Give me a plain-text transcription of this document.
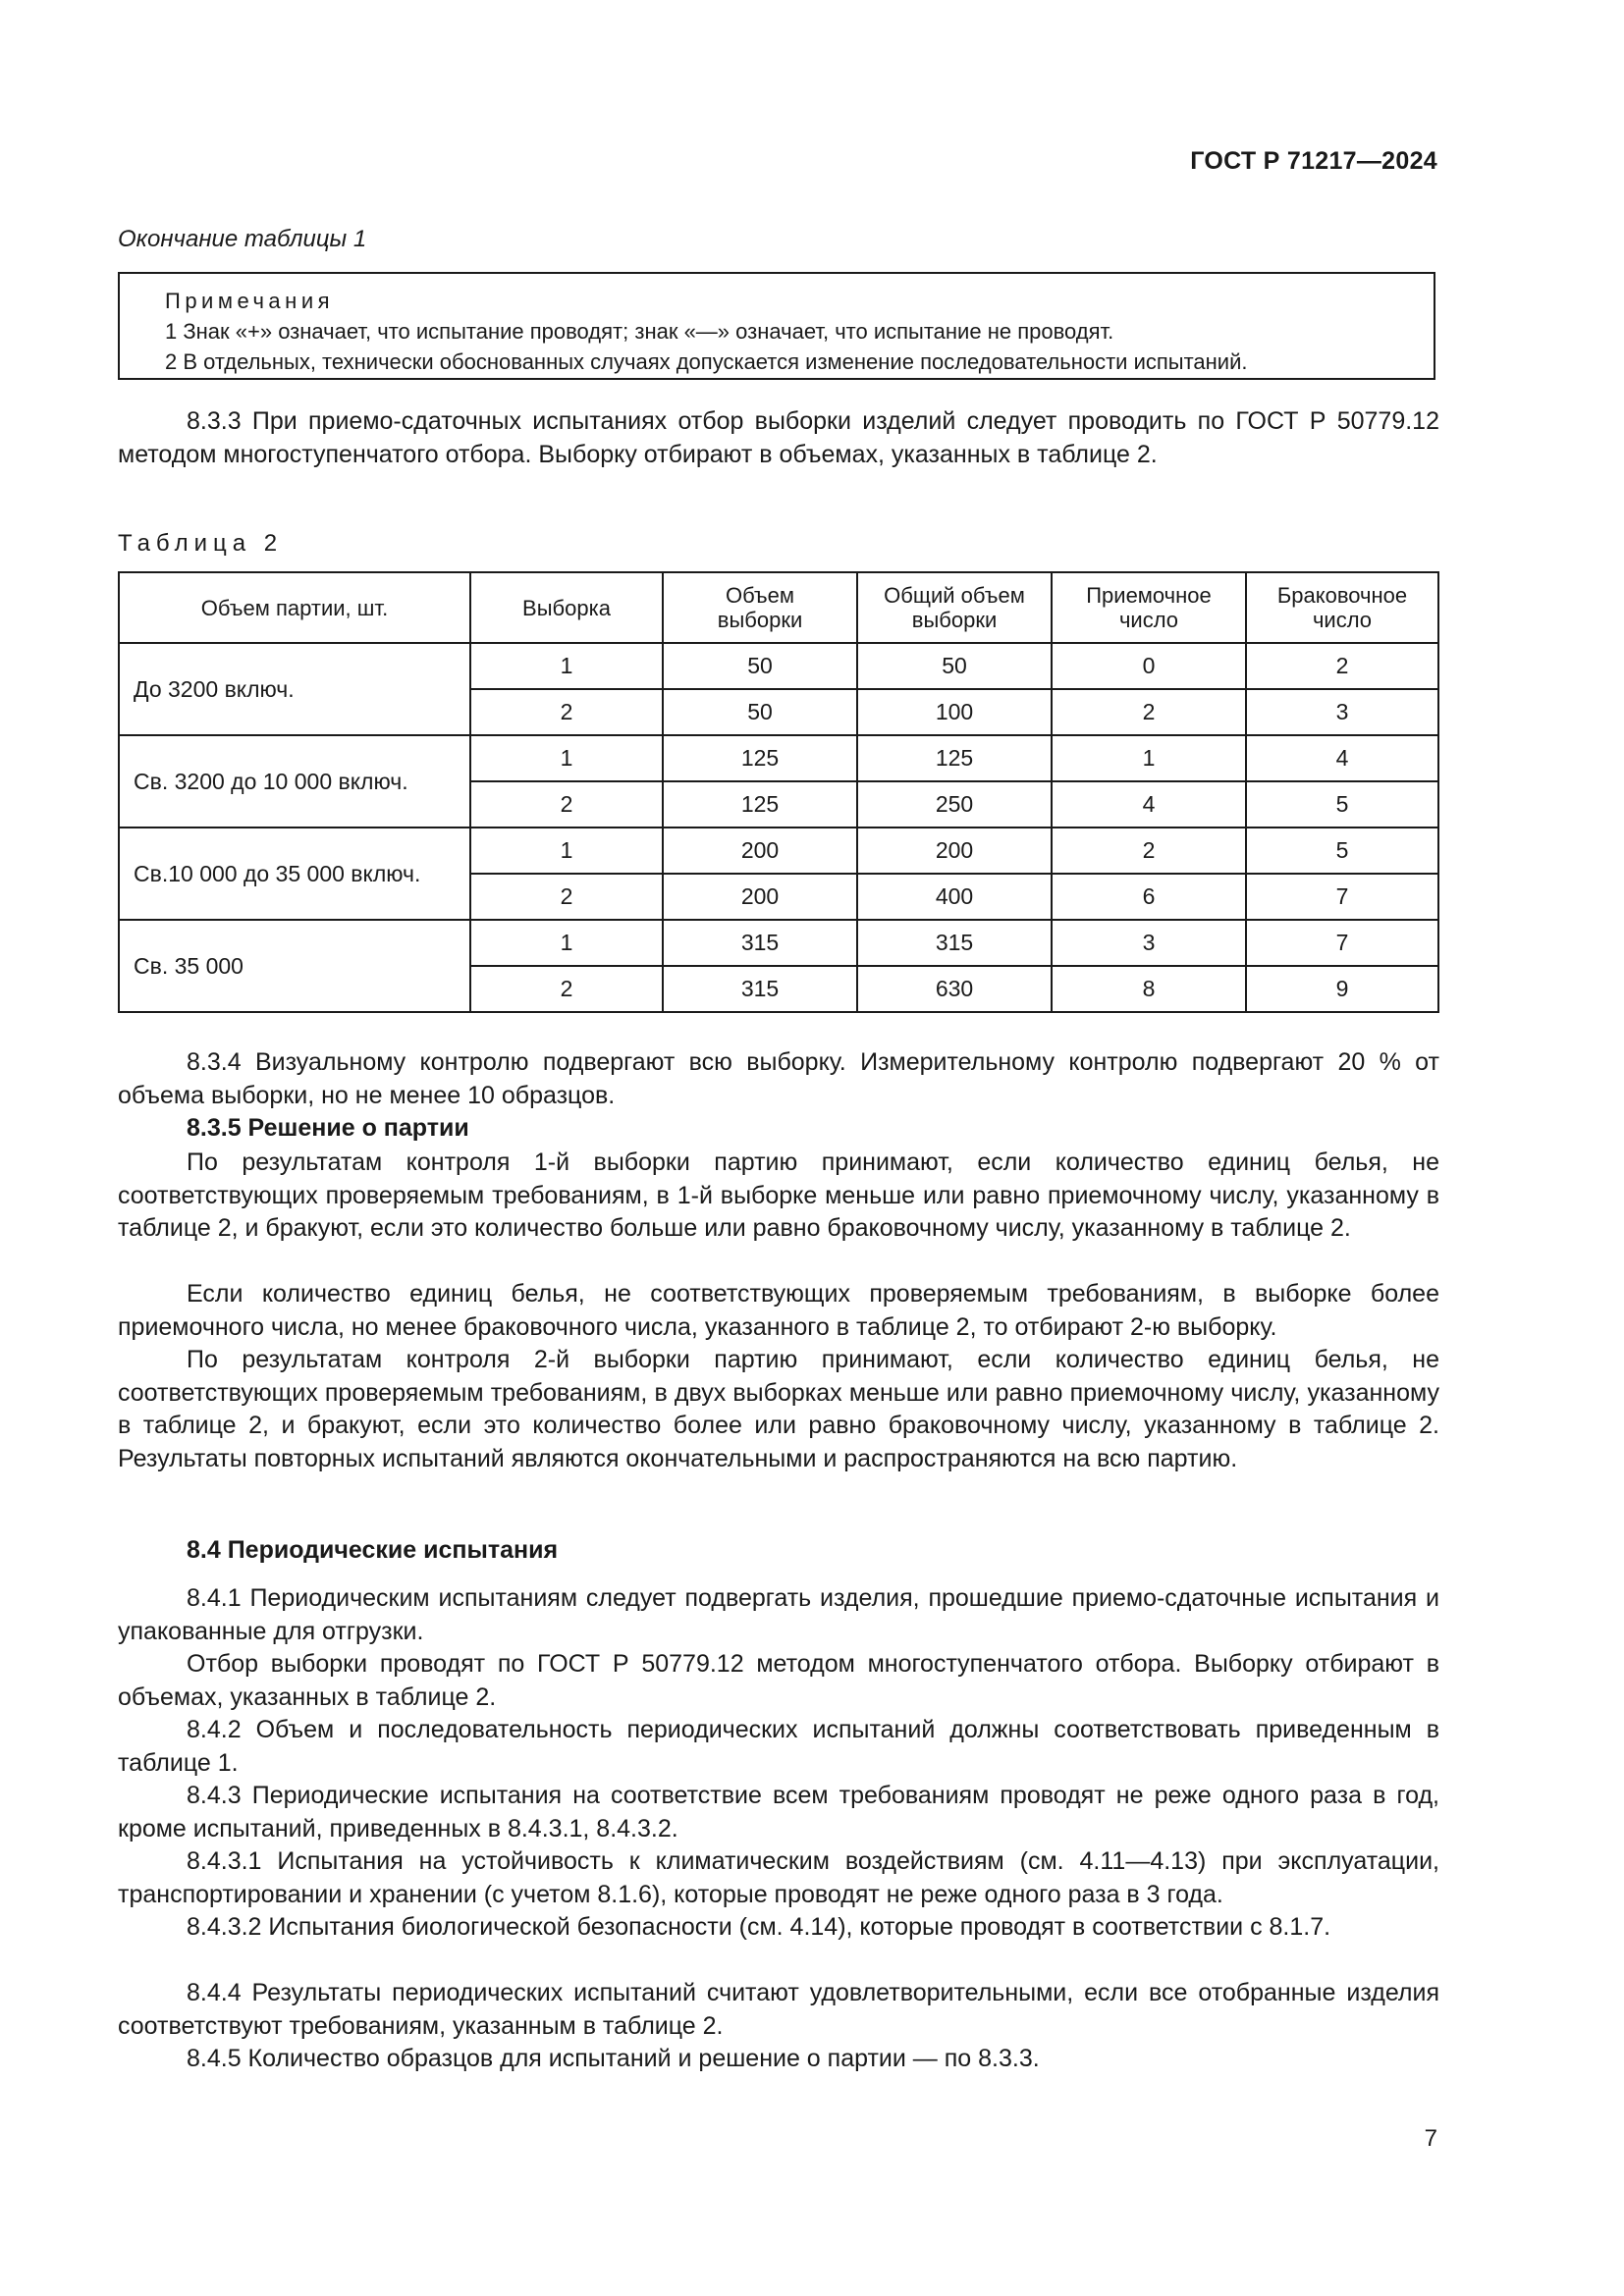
ГОСТ Р 71217—2024
Окончание таблицы 1
Примечания
1 Знак «+» означает, что испытание проводят; знак «—» означает, что испытание не проводят.
2 В отдельных, технически обоснованных случаях допускается изменение последовательности испытаний.
8.3.3 При приемо-сдаточных испытаниях отбор выборки изделий следует проводить по ГОСТ Р 50779.12 методом многоступенчатого отбора. Выборку отбирают в объемах, указанных в таблице 2.
Таблица 2
Объем партии, шт.	Выборка	Объем выборки	Общий объем выборки	Приемочное число	Браковочное число
До 3200 включ.	1	50	50	0	2
	2	50	100	2	3
Св. 3200 до 10 000 включ.	1	125	125	1	4
	2	125	250	4	5
Св.10 000 до 35 000 включ.	1	200	200	2	5
	2	200	400	6	7
Св. 35 000	1	315	315	3	7
	2	315	630	8	9
8.3.4 Визуальному контролю подвергают всю выборку. Измерительному контролю подвергают 20 % от объема выборки, но не менее 10 образцов.
8.3.5 Решение о партии
По результатам контроля 1-й выборки партию принимают, если количество единиц белья, не соответствующих проверяемым требованиям, в 1-й выборке меньше или равно приемочному числу, указанному в таблице 2, и бракуют, если это количество больше или равно браковочному числу, указанному в таблице 2.
Если количество единиц белья, не соответствующих проверяемым требованиям, в выборке более приемочного числа, но менее браковочного числа, указанного в таблице 2, то отбирают 2-ю выборку.
По результатам контроля 2-й выборки партию принимают, если количество единиц белья, не соответствующих проверяемым требованиям, в двух выборках меньше или равно приемочному числу, указанному в таблице 2, и бракуют, если это количество более или равно браковочному числу, указанному в таблице 2. Результаты повторных испытаний являются окончательными и распространяются на всю партию.
8.4 Периодические испытания
8.4.1 Периодическим испытаниям следует подвергать изделия, прошедшие приемо-сдаточные испытания и упакованные для отгрузки.
Отбор выборки проводят по ГОСТ Р 50779.12 методом многоступенчатого отбора. Выборку отбирают в объемах, указанных в таблице 2.
8.4.2 Объем и последовательность периодических испытаний должны соответствовать приведенным в таблице 1.
8.4.3 Периодические испытания на соответствие всем требованиям проводят не реже одного раза в год, кроме испытаний, приведенных в 8.4.3.1, 8.4.3.2.
8.4.3.1 Испытания на устойчивость к климатическим воздействиям (см. 4.11—4.13) при эксплуатации, транспортировании и хранении (с учетом 8.1.6), которые проводят не реже одного раза в 3 года.
8.4.3.2 Испытания биологической безопасности (см. 4.14), которые проводят в соответствии с 8.1.7.
8.4.4 Результаты периодических испытаний считают удовлетворительными, если все отобранные изделия соответствуют требованиям, указанным в таблице 2.
8.4.5 Количество образцов для испытаний и решение о партии — по 8.3.3.
7
